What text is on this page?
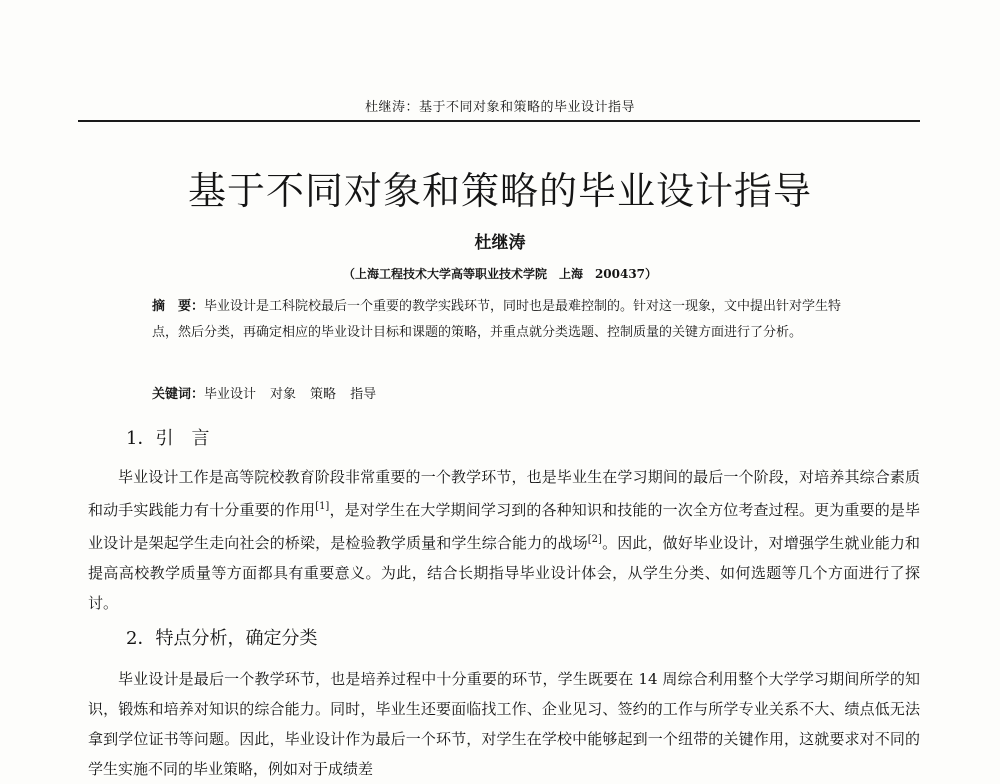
杜继涛：基于不同对象和策略的毕业设计指导
基于不同对象和策略的毕业设计指导
杜继涛
（上海工程技术大学高等职业技术学院　上海　200437）
摘　要：毕业设计是工科院校最后一个重要的教学实践环节，同时也是最难控制的。针对这一现象，文中提出针对学生特点，然后分类，再确定相应的毕业设计目标和课题的策略，并重点就分类选题、控制质量的关键方面进行了分析。
关键词：毕业设计 对象 策略 指导
1．引　言
毕业设计工作是高等院校教育阶段非常重要的一个教学环节，也是毕业生在学习期间的最后一个阶段，对培养其综合素质和动手实践能力有十分重要的作用[1]，是对学生在大学期间学习到的各种知识和技能的一次全方位考查过程。更为重要的是毕业设计是架起学生走向社会的桥梁，是检验教学质量和学生综合能力的战场[2]。因此，做好毕业设计，对增强学生就业能力和提高高校教学质量等方面都具有重要意义。为此，结合长期指导毕业设计体会，从学生分类、如何选题等几个方面进行了探讨。
2．特点分析，确定分类
毕业设计是最后一个教学环节，也是培养过程中十分重要的环节，学生既要在 14 周综合利用整个大学学习期间所学的知识，锻炼和培养对知识的综合能力。同时，毕业生还要面临找工作、企业见习、签约的工作与所学专业关系不大、绩点低无法拿到学位证书等问题。因此，毕业设计作为最后一个环节，对学生在学校中能够起到一个纽带的关键作用，这就要求对不同的学生实施不同的毕业策略，例如对于成绩差
